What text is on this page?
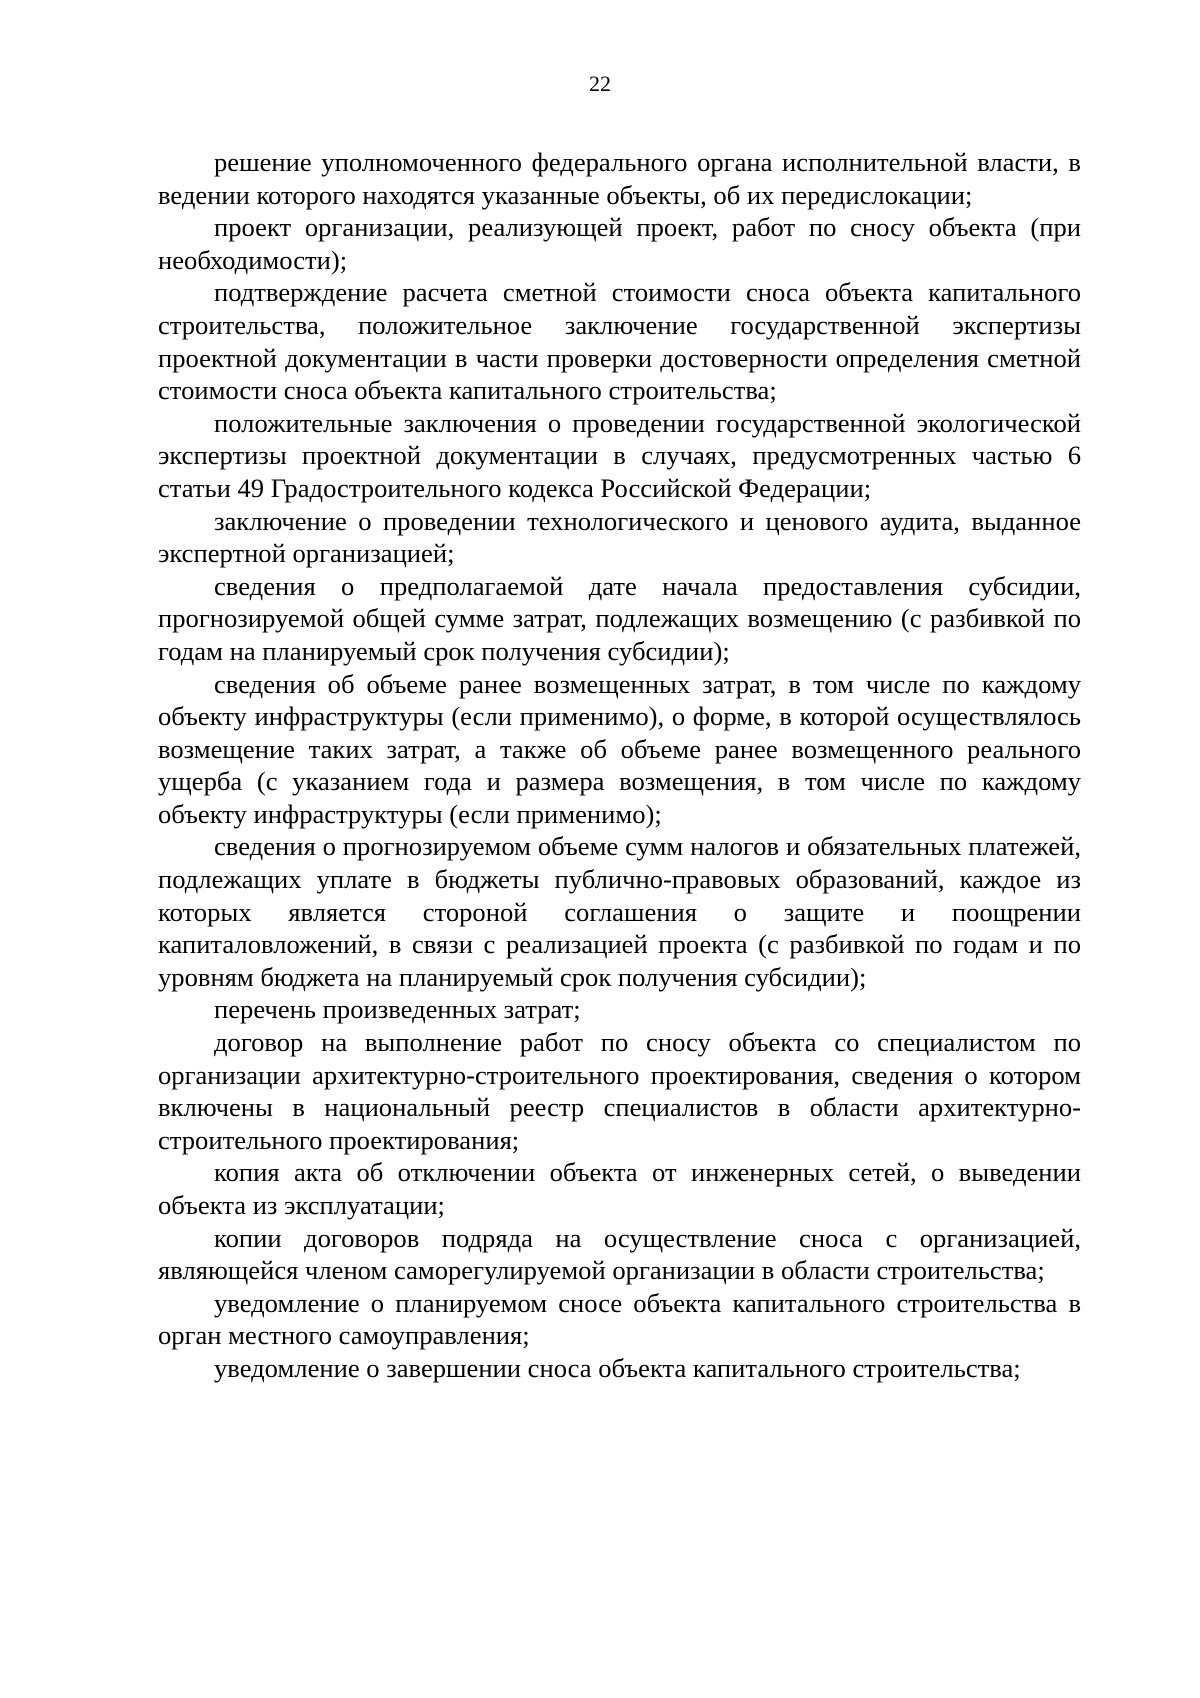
22

решение уполномоченного федерального органа исполнительной власти, в ведении которого находятся указанные объекты, об их передислокации;

проект организации, реализующей проект, работ по сносу объекта (при необходимости);

подтверждение расчета сметной стоимости сноса объекта капитального строительства, положительное заключение государственной экспертизы проектной документации в части проверки достоверности определения сметной стоимости сноса объекта капитального строительства;

положительные заключения о проведении государственной экологической экспертизы проектной документации в случаях, предусмотренных частью 6 статьи 49 Градостроительного кодекса Российской Федерации;

заключение о проведении технологического и ценового аудита, выданное экспертной организацией;

сведения о предполагаемой дате начала предоставления субсидии, прогнозируемой общей сумме затрат, подлежащих возмещению (с разбивкой по годам на планируемый срок получения субсидии);

сведения об объеме ранее возмещенных затрат, в том числе по каждому объекту инфраструктуры (если применимо), о форме, в которой осуществлялось возмещение таких затрат, а также об объеме ранее возмещенного реального ущерба (с указанием года и размера возмещения, в том числе по каждому объекту инфраструктуры (если применимо);

сведения о прогнозируемом объеме сумм налогов и обязательных платежей, подлежащих уплате в бюджеты публично-правовых образований, каждое из которых является стороной соглашения о защите и поощрении капиталовложений, в связи с реализацией проекта (с разбивкой по годам и по уровням бюджета на планируемый срок получения субсидии);

перечень произведенных затрат;

договор на выполнение работ по сносу объекта со специалистом по организации архитектурно-строительного проектирования, сведения о котором включены в национальный реестр специалистов в области архитектурно-строительного проектирования;

копия акта об отключении объекта от инженерных сетей, о выведении объекта из эксплуатации;

копии договоров подряда на осуществление сноса с организацией, являющейся членом саморегулируемой организации в области строительства;

уведомление о планируемом сносе объекта капитального строительства в орган местного самоуправления;

уведомление о завершении сноса объекта капитального строительства;
